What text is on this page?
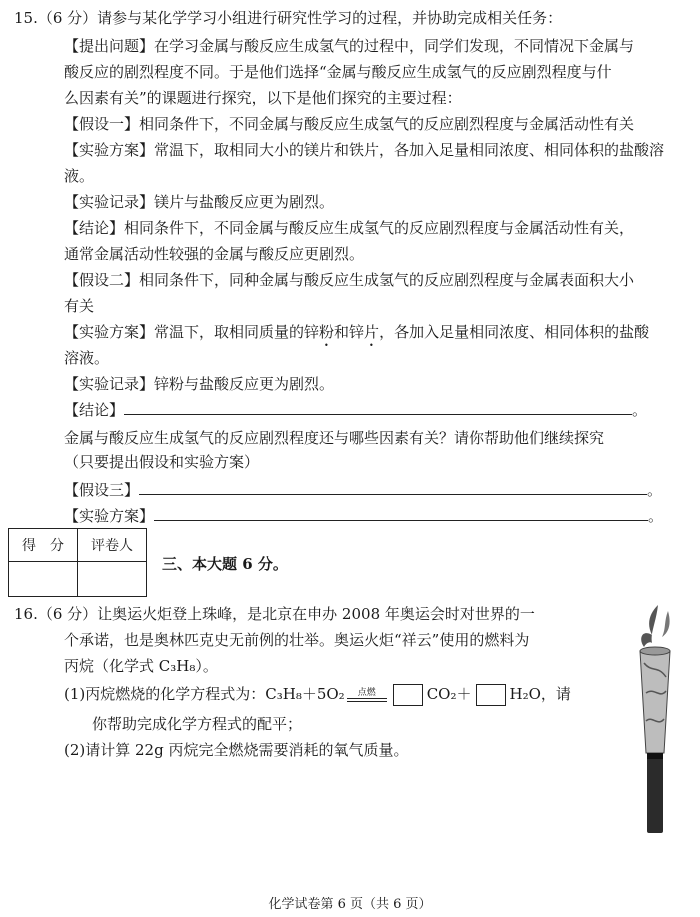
15.（6 分）请参与某化学学习小组进行研究性学习的过程，并协助完成相关任务：
【提出问题】在学习金属与酸反应生成氢气的过程中，同学们发现，不同情况下金属与
酸反应的剧烈程度不同。于是他们选择“金属与酸反应生成氢气的反应剧烈程度与什
么因素有关”的课题进行探究，以下是他们探究的主要过程：
【假设一】相同条件下，不同金属与酸反应生成氢气的反应剧烈程度与金属活动性有关
【实验方案】常温下，取相同大小的镁片和铁片，各加入足量相同浓度、相同体积的盐酸溶
液。
【实验记录】镁片与盐酸反应更为剧烈。
【结论】相同条件下，不同金属与酸反应生成氢气的反应剧烈程度与金属活动性有关，
通常金属活动性较强的金属与酸反应更剧烈。
【假设二】相同条件下，同种金属与酸反应生成氢气的反应剧烈程度与金属表面积大小
有关
【实验方案】常温下，取相同质量的锌粉和锌片，各加入足量相同浓度、相同体积的盐酸
溶液。
【实验记录】锌粉与盐酸反应更为剧烈。
【结论】	。
金属与酸反应生成氢气的反应剧烈程度还与哪些因素有关？请你帮助他们继续探究
（只要提出假设和实验方案）
【假设三】	。
【实验方案】	。
得　分	评卷人

三、本大题 6 分。
16.（6 分）让奥运火炬登上珠峰，是北京在申办 2008 年奥运会时对世界的一
个承诺，也是奥林匹克史无前例的壮举。奥运火炬“祥云”使用的燃料为
丙烷（化学式 C₃H₈）。
(1)丙烷燃烧的化学方程式为：C₃H₈＋5O₂	点燃	CO₂＋	H₂O，请
你帮助完成化学方程式的配平；
(2)请计算 22g 丙烷完全燃烧需要消耗的氧气质量。
化学试卷第 6 页（共 6 页）
